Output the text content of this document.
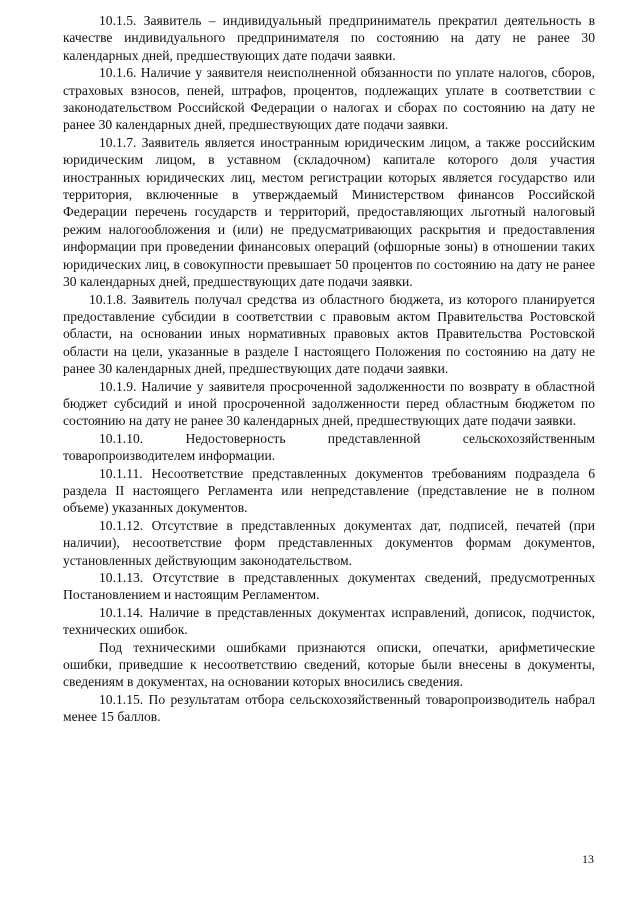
10.1.5. Заявитель – индивидуальный предприниматель прекратил деятельность в качестве индивидуального предпринимателя по состоянию на дату не ранее 30 календарных дней, предшествующих дате подачи заявки.

10.1.6. Наличие у заявителя неисполненной обязанности по уплате налогов, сборов, страховых взносов, пеней, штрафов, процентов, подлежащих уплате в соответствии с законодательством Российской Федерации о налогах и сборах по состоянию на дату не ранее 30 календарных дней, предшествующих дате подачи заявки.

10.1.7. Заявитель является иностранным юридическим лицом, а также российским юридическим лицом, в уставном (складочном) капитале которого доля участия иностранных юридических лиц, местом регистрации которых является государство или территория, включенные в утверждаемый Министерством финансов Российской Федерации перечень государств и территорий, предоставляющих льготный налоговый режим налогообложения и (или) не предусматривающих раскрытия и предоставления информации при проведении финансовых операций (офшорные зоны) в отношении таких юридических лиц, в совокупности превышает 50 процентов по состоянию на дату не ранее 30 календарных дней, предшествующих дате подачи заявки.

10.1.8. Заявитель получал средства из областного бюджета, из которого планируется предоставление субсидии в соответствии с правовым актом Правительства Ростовской области, на основании иных нормативных правовых актов Правительства Ростовской области на цели, указанные в разделе I настоящего Положения по состоянию на дату не ранее 30 календарных дней, предшествующих дате подачи заявки.

10.1.9. Наличие у заявителя просроченной задолженности по возврату в областной бюджет субсидий и иной просроченной задолженности перед областным бюджетом по состоянию на дату не ранее 30 календарных дней, предшествующих дате подачи заявки.

10.1.10. Недостоверность представленной сельскохозяйственным товаропроизводителем информации.

10.1.11. Несоответствие представленных документов требованиям подраздела 6 раздела II настоящего Регламента или непредставление (представление не в полном объеме) указанных документов.

10.1.12. Отсутствие в представленных документах дат, подписей, печатей (при наличии), несоответствие форм представленных документов формам документов, установленных действующим законодательством.

10.1.13. Отсутствие в представленных документах сведений, предусмотренных Постановлением и настоящим Регламентом.

10.1.14. Наличие в представленных документах исправлений, дописок, подчисток, технических ошибок.

Под техническими ошибками признаются описки, опечатки, арифметические ошибки, приведшие к несоответствию сведений, которые были внесены в документы, сведениям в документах, на основании которых вносились сведения.

10.1.15. По результатам отбора сельскохозяйственный товаропроизводитель набрал менее 15 баллов.

13
